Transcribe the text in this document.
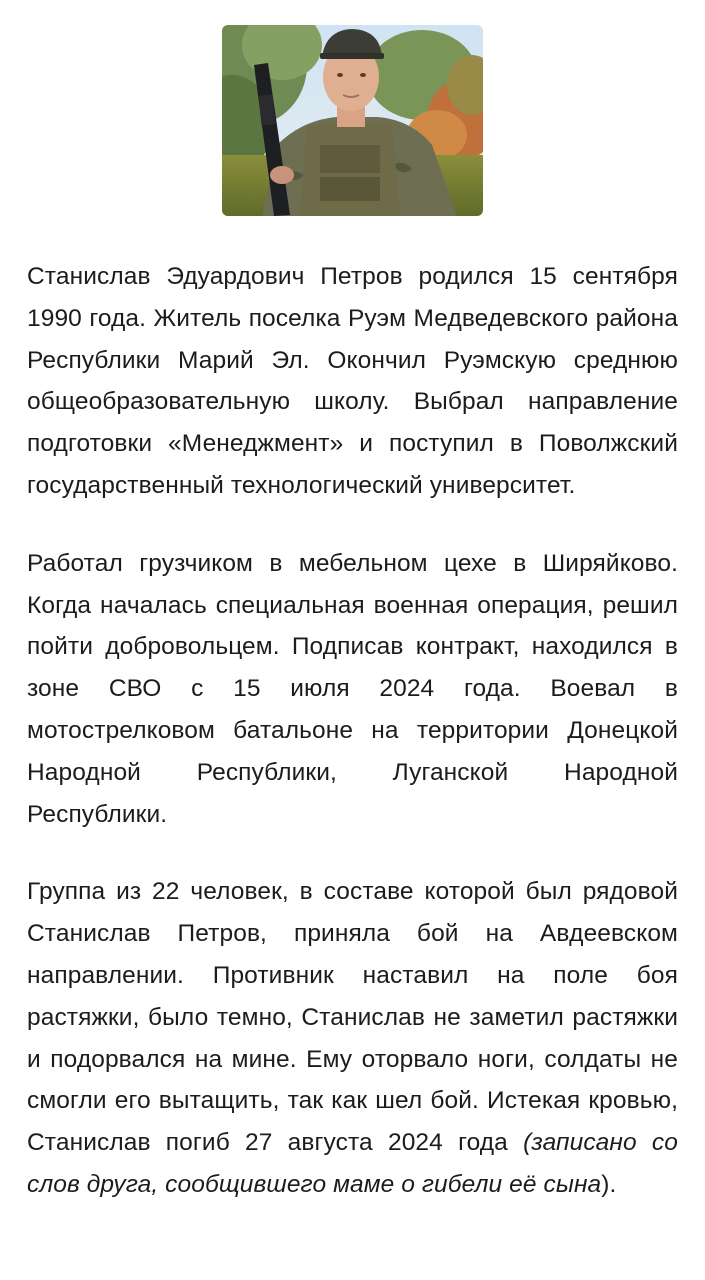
Станислав Эдуардович Петров родился 15 сентября 1990 года. Житель поселка Руэм Медведевского района Республики Марий Эл. Окончил Руэмскую среднюю общеобразовательную школу. Выбрал направление подготовки «Менеджмент» и поступил в Поволжский государственный технологический университет.

Работал грузчиком в мебельном цехе в Ширяйково. Когда началась специальная военная операция, решил пойти добровольцем. Подписав контракт, находился в зоне СВО с 15 июля 2024 года. Воевал в мотострелковом батальоне на территории Донецкой Народной Республики, Луганской Народной Республики.

Группа из 22 человек, в составе которой был рядовой Станислав Петров, приняла бой на Авдеевском направлении. Противник наставил на поле боя растяжки, было темно, Станислав не заметил растяжки и подорвался на мине. Ему оторвало ноги, солдаты не смогли его вытащить, так как шел бой. Истекая кровью, Станислав погиб 27 августа 2024 года (записано со слов друга, сообщившего маме о гибели её сына).
